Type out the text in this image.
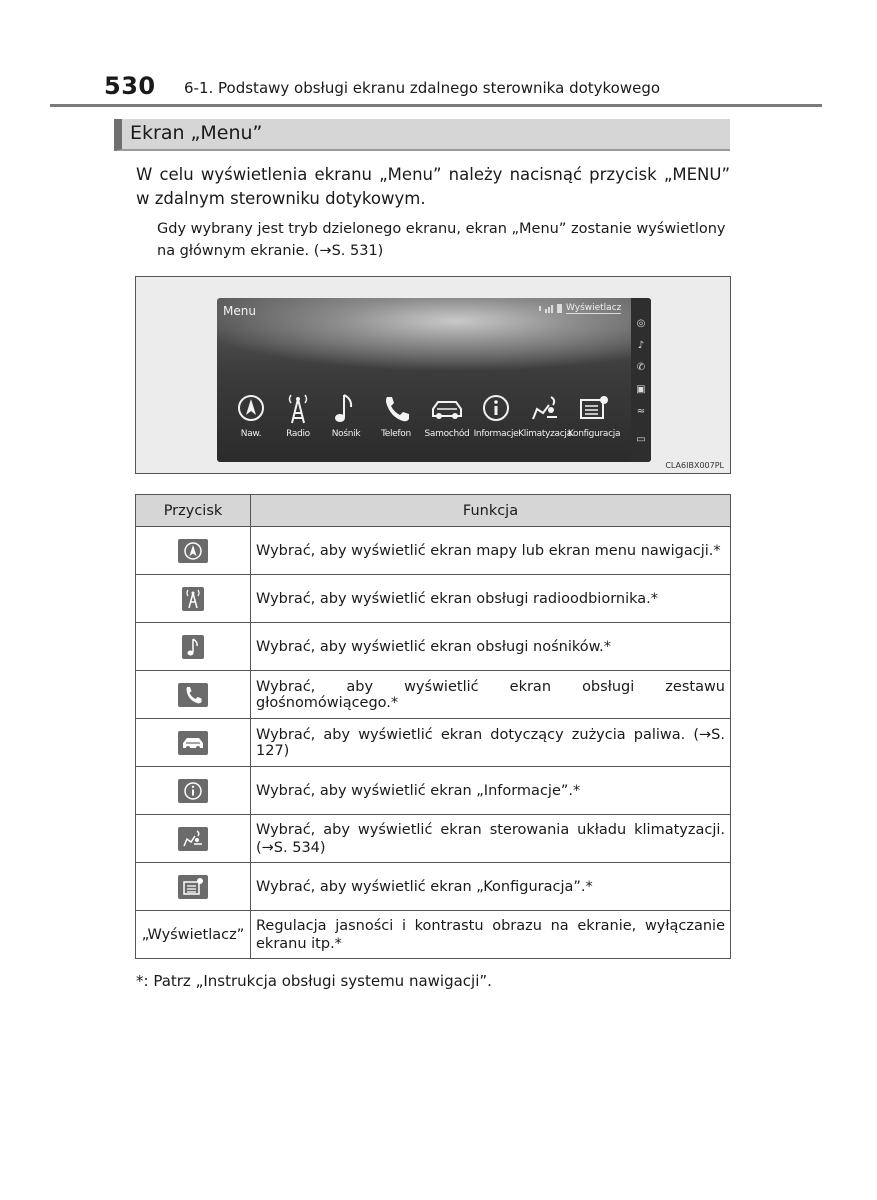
530 6-1. Podstawy obsługi ekranu zdalnego sterownika dotykowego
Ekran „Menu”
W celu wyświetlenia ekranu „Menu” należy nacisnąć przycisk „MENU” w zdalnym sterowniku dotykowym.
Gdy wybrany jest tryb dzielonego ekranu, ekran „Menu” zostanie wyświetlony na głównym ekranie. (→S. 531)
Menu	Wyświetlacz
Naw.	Radio	Nośnik	Telefon	Samochód Informacje Klimatyzacja
Konfiguracja
◎
♪
✆
▣
≈
▭
CLA6IBX007PL
Przycisk	Funkcja

	Wybrać, aby wyświetlić ekran mapy lub ekran menu nawigacji.*

	Wybrać, aby wyświetlić ekran obsługi radioodbiornika.*

	Wybrać, aby wyświetlić ekran obsługi nośników.*

	Wybrać, aby wyświetlić ekran obsługi zestawu głośnomówiącego.*

	Wybrać, aby wyświetlić ekran dotyczący zużycia paliwa. (→S. 127)

	Wybrać, aby wyświetlić ekran „Informacje”.*

	Wybrać, aby wyświetlić ekran sterowania układu klimatyzacji. (→S. 534)

	Wybrać, aby wyświetlić ekran „Konfiguracja”.*
„Wyświetlacz”	Regulacja jasności i kontrastu obrazu na ekranie, wyłączanie ekranu itp.*
*: Patrz „Instrukcja obsługi systemu nawigacji”.
